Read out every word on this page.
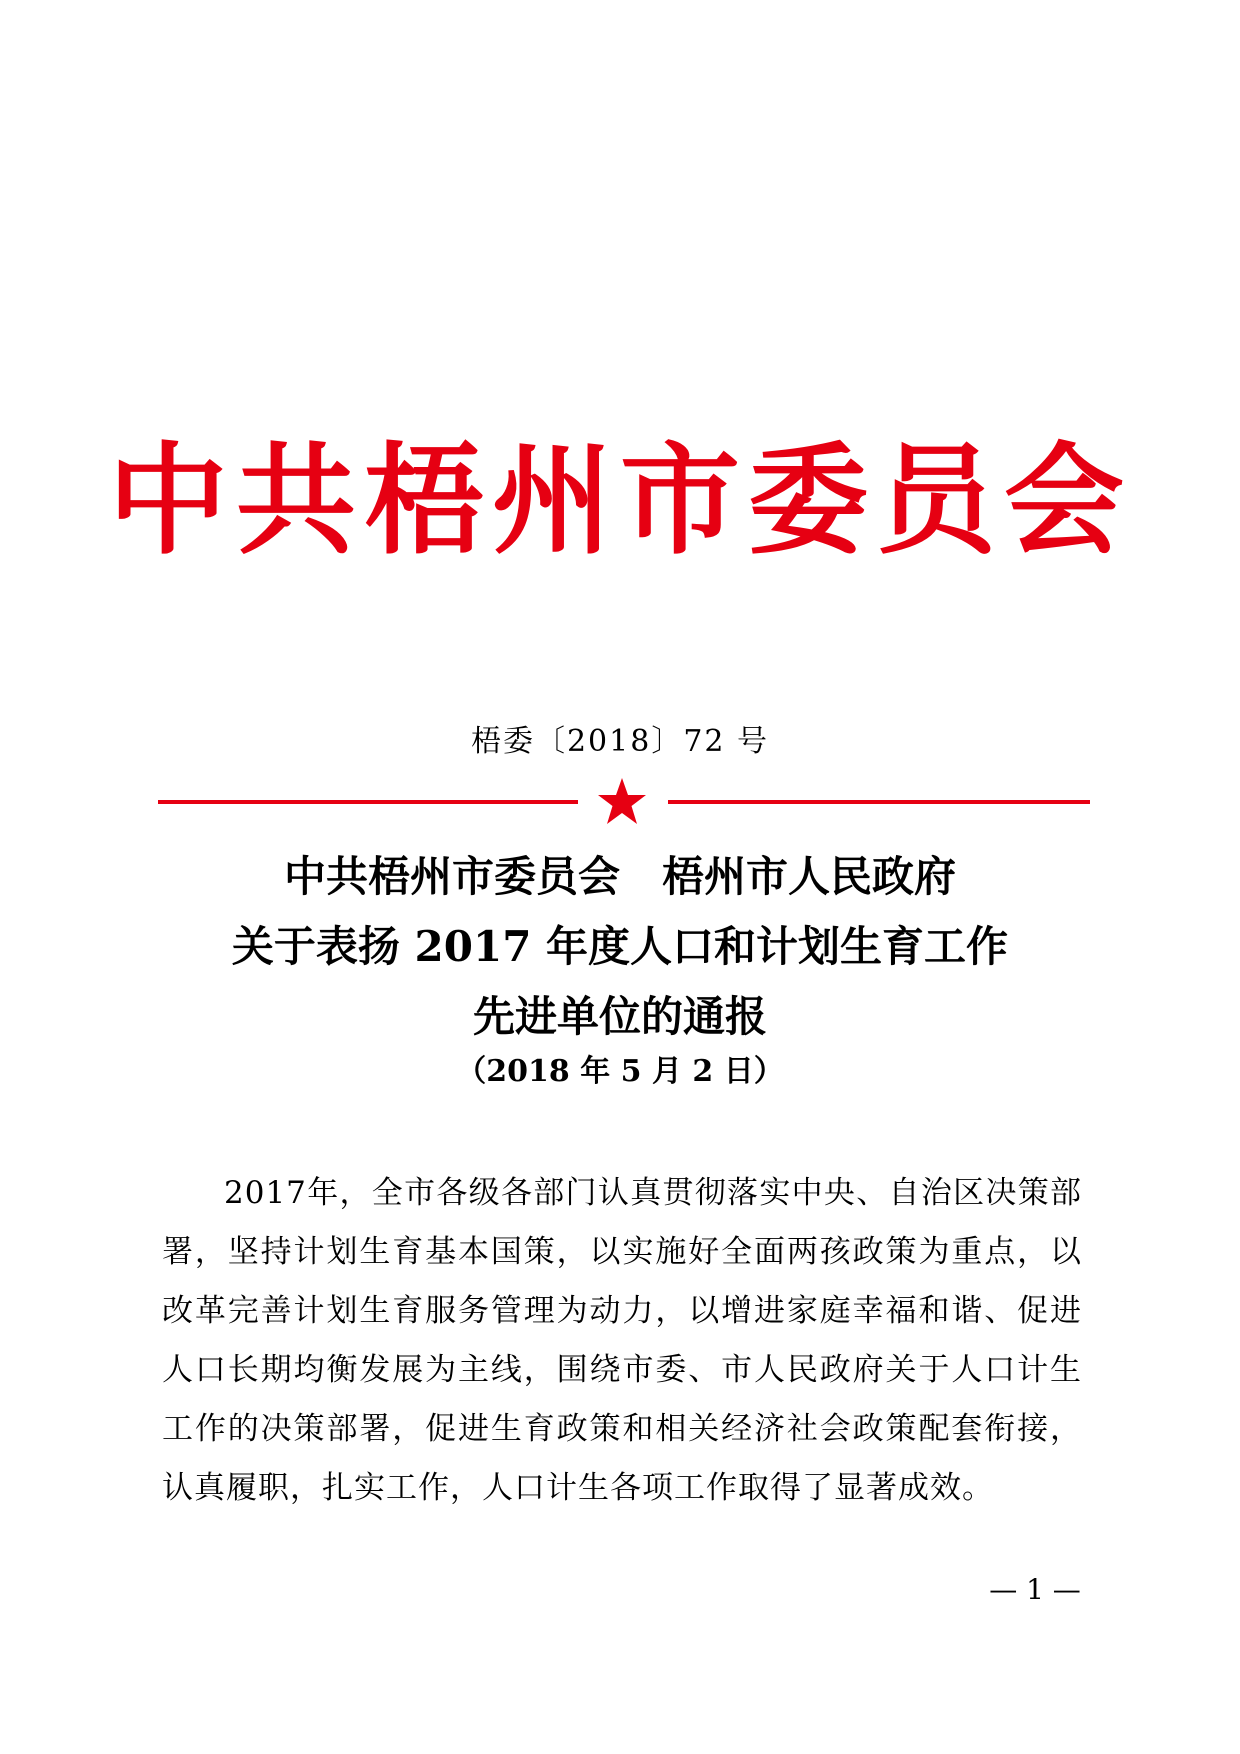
中共梧州市委员会
梧委〔2018〕72 号
中共梧州市委员会　梧州市人民政府
关于表扬 2017 年度人口和计划生育工作
先进单位的通报
（2018 年 5 月 2 日）
2017年，全市各级各部门认真贯彻落实中央、自治区决策部署，坚持计划生育基本国策，以实施好全面两孩政策为重点，以改革完善计划生育服务管理为动力，以增进家庭幸福和谐、促进人口长期均衡发展为主线，围绕市委、市人民政府关于人口计生工作的决策部署，促进生育政策和相关经济社会政策配套衔接，认真履职，扎实工作，人口计生各项工作取得了显著成效。
— 1 —
